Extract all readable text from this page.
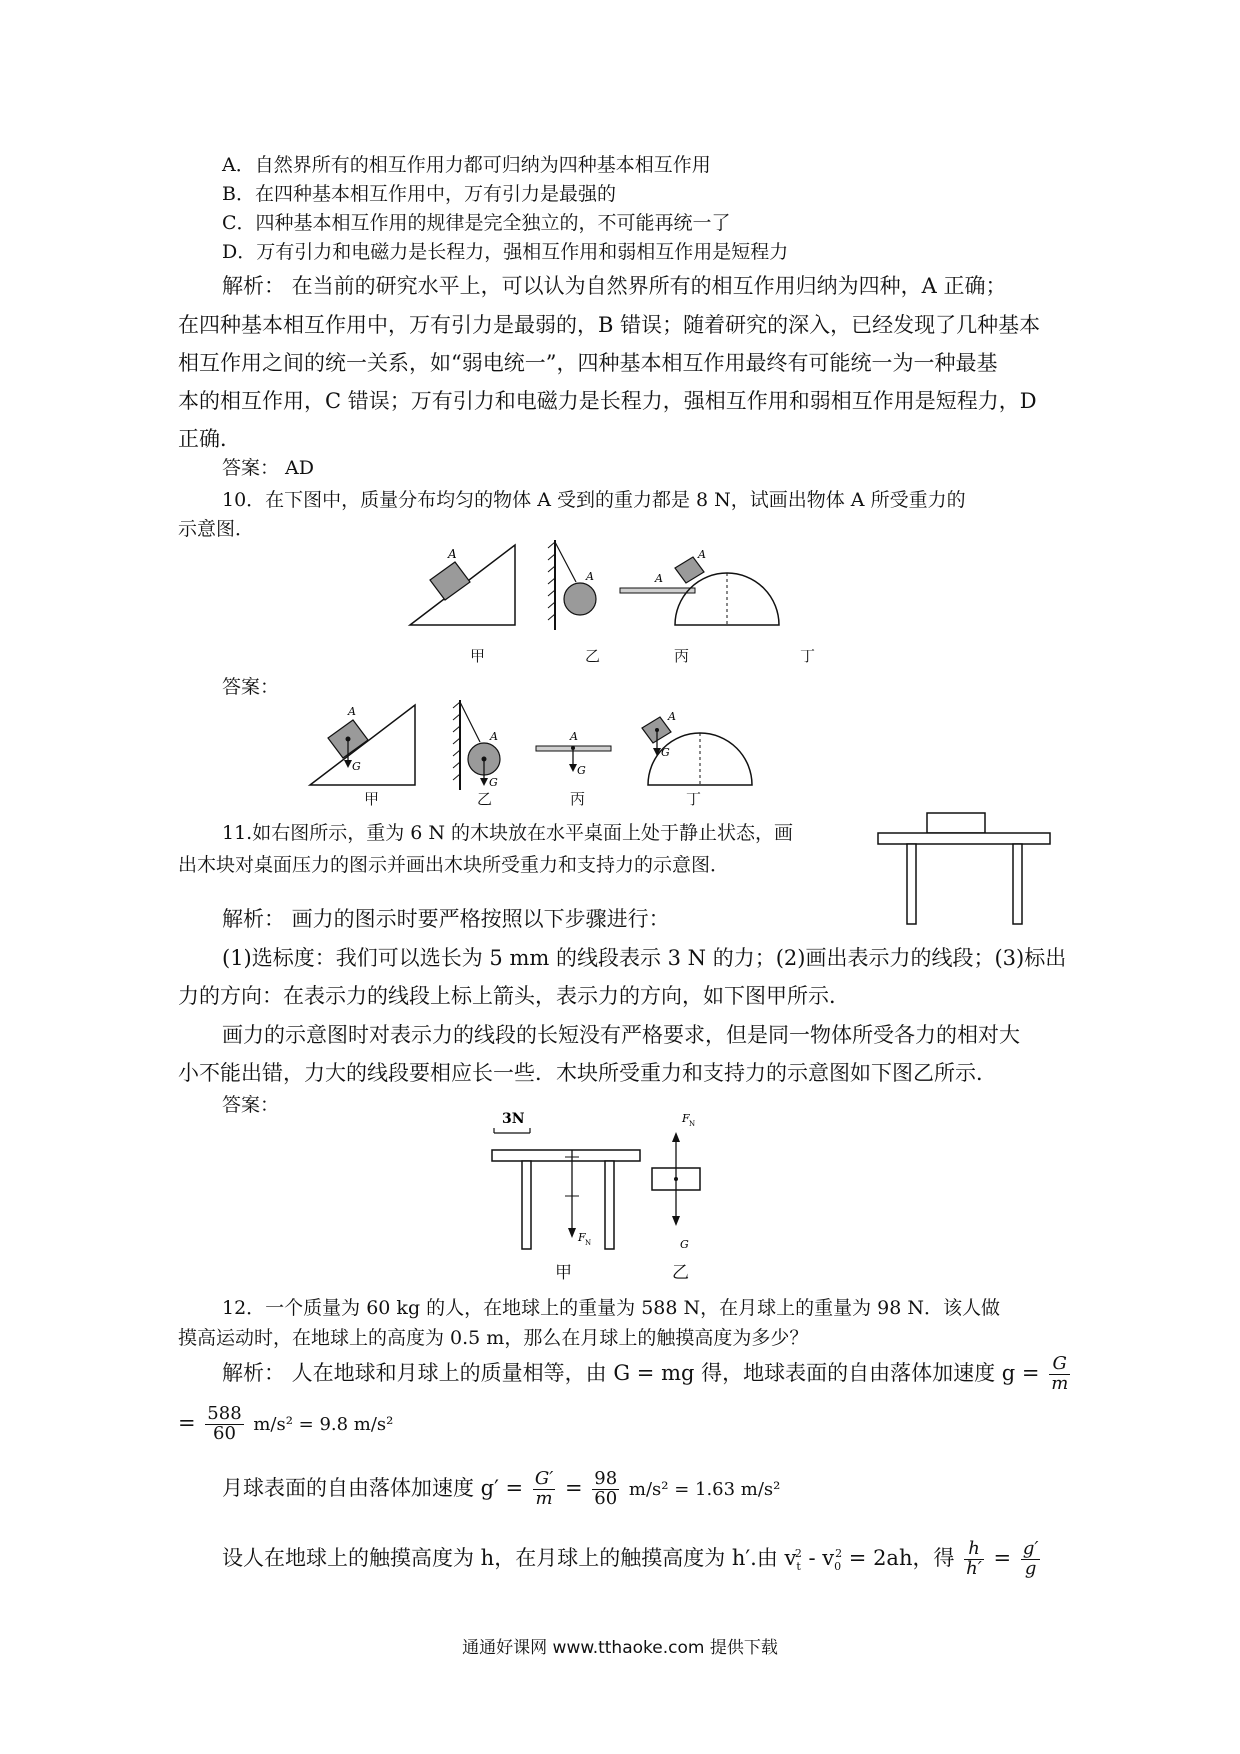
A．自然界所有的相互作用力都可归纳为四种基本相互作用
B．在四种基本相互作用中，万有引力是最强的
C．四种基本相互作用的规律是完全独立的，不可能再统一了
D．万有引力和电磁力是长程力，强相互作用和弱相互作用是短程力
解析： 在当前的研究水平上，可以认为自然界所有的相互作用归纳为四种，A 正确；
在四种基本相互作用中，万有引力是最弱的，B 错误；随着研究的深入，已经发现了几种基本
相互作用之间的统一关系，如“弱电统一”，四种基本相互作用最终有可能统一为一种最基
本的相互作用，C 错误；万有引力和电磁力是长程力，强相互作用和弱相互作用是短程力，D
正确．
答案： AD
10．在下图中，质量分布均匀的物体 A 受到的重力都是 8 N，试画出物体 A 所受重力的
示意图．
A
A	A
A
甲	乙	丙	丁
答案：
G
A
G
A
G
A
G
A
甲	乙	丙	丁
11.如右图所示，重为 6 N 的木块放在水平桌面上处于静止状态，画
出木块对桌面压力的图示并画出木块所受重力和支持力的示意图．
解析： 画力的图示时要严格按照以下步骤进行：
(1)选标度：我们可以选长为 5 mm 的线段表示 3 N 的力；(2)画出表示力的线段；(3)标出
力的方向：在表示力的线段上标上箭头，表示力的方向，如下图甲所示．
画力的示意图时对表示力的线段的长短没有严格要求，但是同一物体所受各力的相对大
小不能出错，力大的线段要相应长一些．木块所受重力和支持力的示意图如下图乙所示．
答案：
3N
F N
F N
G
甲	乙
12．一个质量为 60 kg 的人，在地球上的重量为 588 N，在月球上的重量为 98 N．该人做
摸高运动时，在地球上的高度为 0.5 m，那么在月球上的触摸高度为多少？
解析： 人在地球和月球上的质量相等，由 G = mg 得，地球表面的自由落体加速度 $g = \frac{G}{m}$
= $\frac{588}{60} m/s^2 = 9.8$ m/s²
月球表面的自由落体加速度 $g' = \frac{G'}{m} = \frac{98}{60} m/s^2 = 1.63$ m/s²
设人在地球上的触摸高度为 h，在月球上的触摸高度为 h′.由 $v_t^2 - v_0^2 = 2ah$，得 $\frac{h}{h'} = \frac{g'}{g}$
通通好课网 www.tthaoke.com 提供下载
